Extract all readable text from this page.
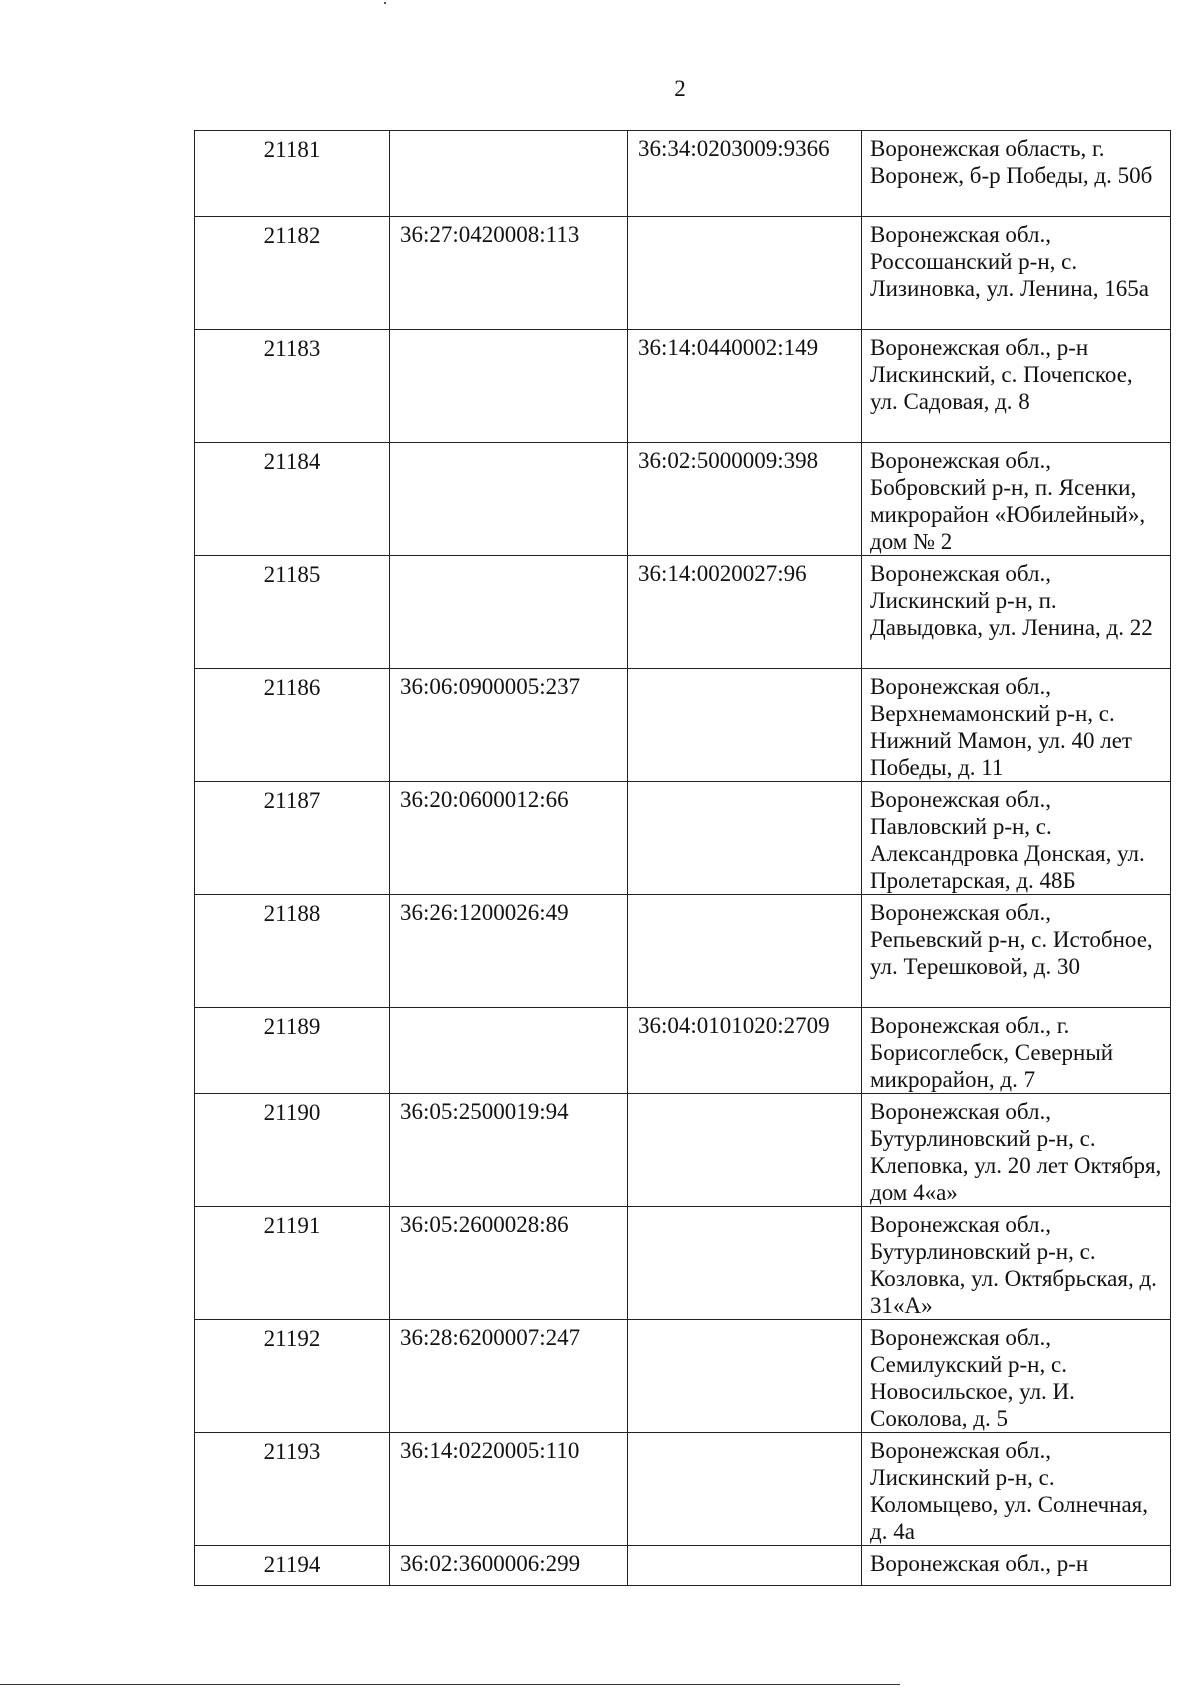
2
21181		36:34:0203009:9366	Воронежская область, г. Воронеж, б-р Победы, д. 50б
21182	36:27:0420008:113		Воронежская обл., Россошанский р-н, с. Лизиновка, ул. Ленина, 165а
21183		36:14:0440002:149	Воронежская обл., р-н Лискинский, с. Почепское, ул. Садовая, д. 8
21184		36:02:5000009:398	Воронежская обл., Бобровский р-н, п. Ясенки, микрорайон «Юбилейный», дом № 2
21185		36:14:0020027:96	Воронежская обл., Лискинский р-н, п. Давыдовка, ул. Ленина, д. 22
21186	36:06:0900005:237		Воронежская обл., Верхнемамонский р-н, с. Нижний Мамон, ул. 40 лет Победы, д. 11
21187	36:20:0600012:66		Воронежская обл., Павловский р-н, с. Александровка Донская, ул. Пролетарская, д. 48Б
21188	36:26:1200026:49		Воронежская обл., Репьевский р-н, с. Истобное, ул. Терешковой, д. 30
21189		36:04:0101020:2709	Воронежская обл., г. Борисоглебск, Северный микрорайон, д. 7
21190	36:05:2500019:94		Воронежская обл., Бутурлиновский р-н, с. Клеповка, ул. 20 лет Октября, дом 4«а»
21191	36:05:2600028:86		Воронежская обл., Бутурлиновский р-н, с. Козловка, ул. Октябрьская, д. 31«А»
21192	36:28:6200007:247		Воронежская обл., Семилукский р-н, с. Новосильское, ул. И. Соколова, д. 5
21193	36:14:0220005:110		Воронежская обл., Лискинский р-н, с. Коломыцево, ул. Солнечная, д. 4а
21194	36:02:3600006:299		Воронежская обл., р-н
